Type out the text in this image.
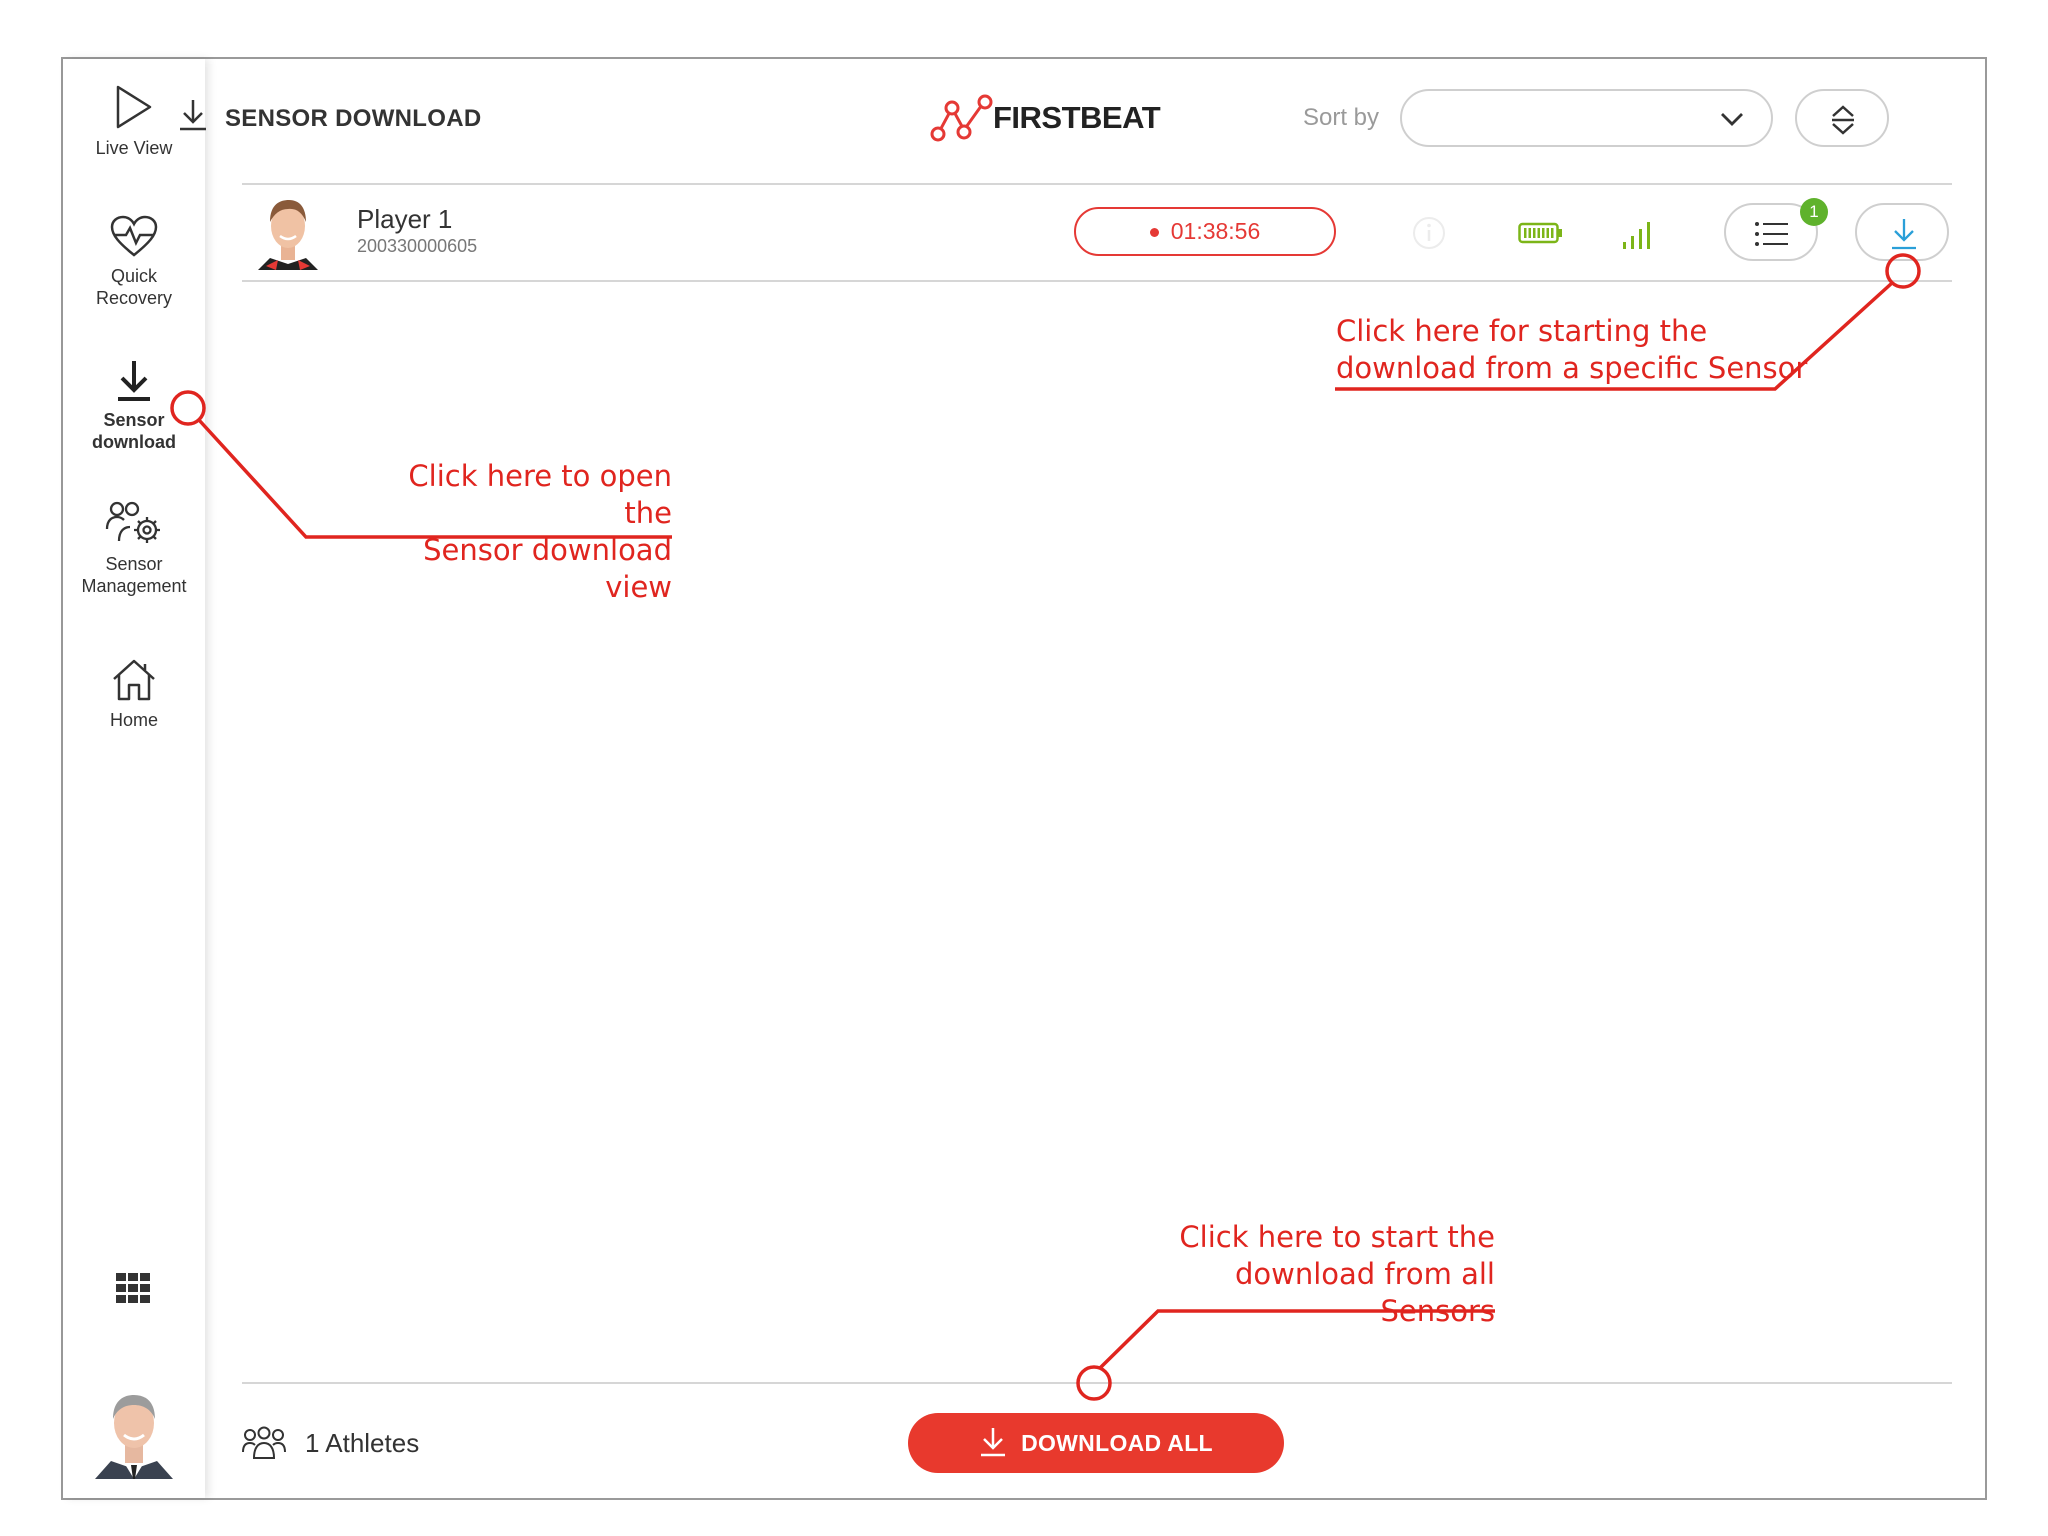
Live View
Quick
Recovery
Sensor
download
Sensor
Management
Home
SENSOR DOWNLOAD	FIRSTBEAT	Sort by
Player 1
200330000605
01:38:56
1
1 Athletes	DOWNLOAD ALL
Click here to open the
Sensor download view
Click here for starting the
download from a specific Sensor
Click here to start the
download from all Sensors
